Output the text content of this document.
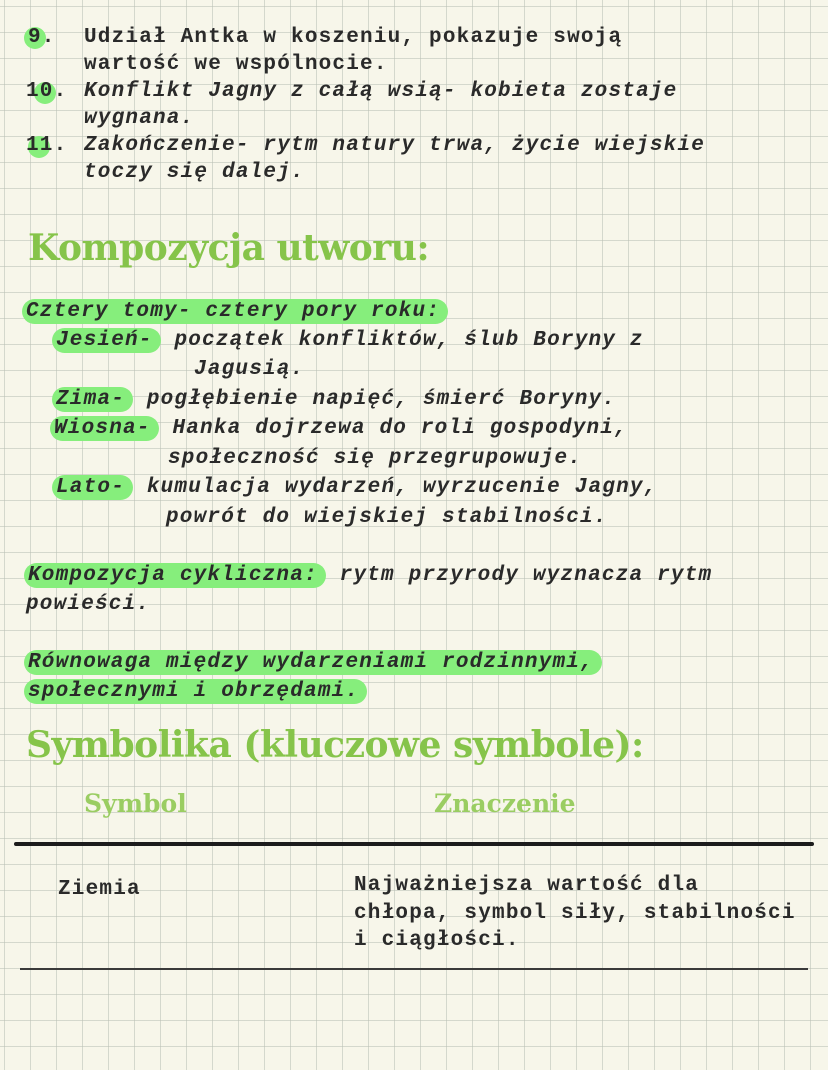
9. Udział Antka w koszeniu, pokazuje swoją
wartość we wspólnocie.
10. Konflikt Jagny z całą wsią- kobieta zostaje
wygnana.
11. Zakończenie- rytm natury trwa, życie wiejskie
toczy się dalej.
Kompozycja utworu:
Cztery tomy- cztery pory roku:
Jesień- początek konfliktów, ślub Boryny z
Jagusią.
Zima- pogłębienie napięć, śmierć Boryny.
Wiosna- Hanka dojrzewa do roli gospodyni,
społeczność się przegrupowuje.
Lato- kumulacja wydarzeń, wyrzucenie Jagny,
powrót do wiejskiej stabilności.
Kompozycja cykliczna: rytm przyrody wyznacza rytm
powieści.
Równowaga między wydarzeniami rodzinnymi,
społecznymi i obrzędami.
Symbolika (kluczowe symbole):
Symbol	Znaczenie
Ziemia	Najważniejsza wartość dla
chłopa, symbol siły, stabilności
i ciągłości.
